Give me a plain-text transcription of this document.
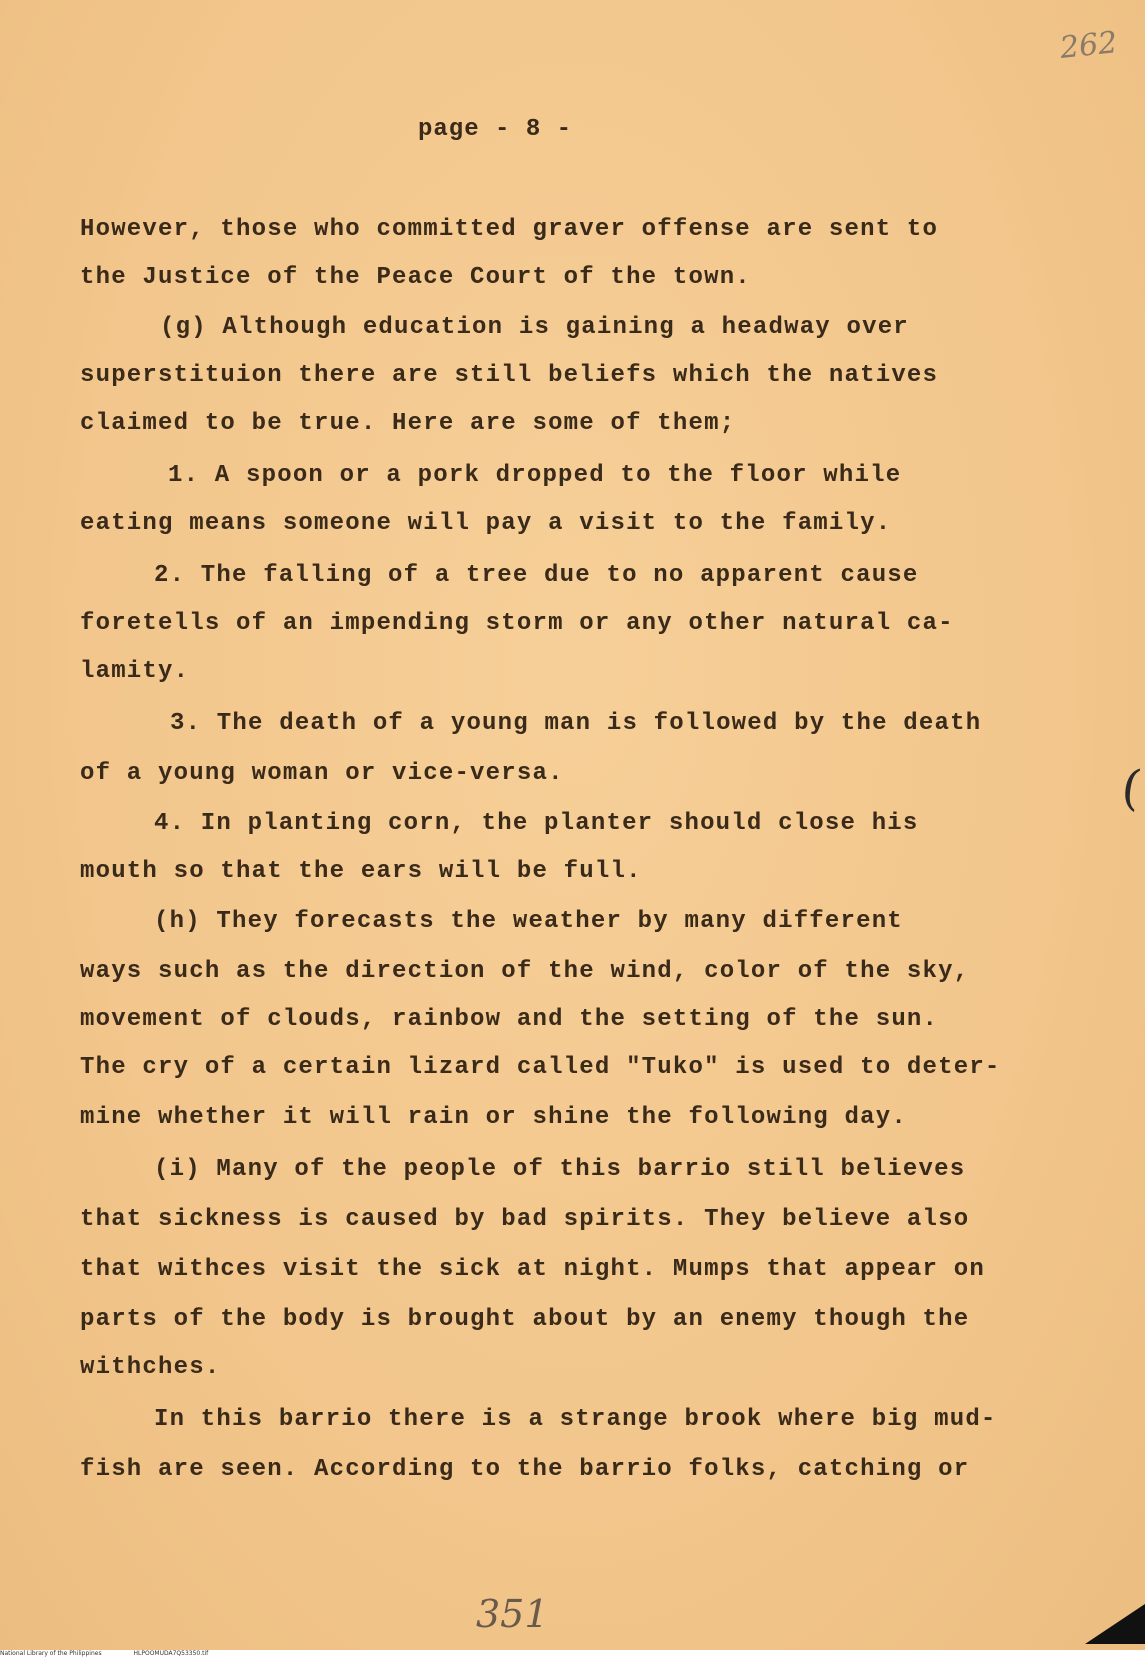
262
page - 8 -
However, those who committed graver offense are sent to
the Justice of the Peace Court of the town.
(g) Although education is gaining a headway over
superstituion there are still beliefs which the natives
claimed to be true. Here are some of them;
1. A spoon or a pork dropped to the floor while
eating means someone will pay a visit to the family.
2. The falling of a tree due to no apparent cause
foretells of an impending storm or any other natural ca-
lamity.
3. The death of a young man is followed by the death
of a young woman or vice-versa.
4. In planting corn, the planter should close his
mouth so that the ears will be full.
(h) They forecasts the weather by many different
ways such as the direction of the wind, color of the sky,
movement of clouds, rainbow and the setting of the sun.
The cry of a certain lizard called "Tuko" is used to deter-
mine whether it will rain or shine the following day.
(i) Many of the people of this barrio still believes
that sickness is caused by bad spirits. They believe also
that withces visit the sick at night. Mumps that appear on
parts of the body is brought about by an enemy though the
withches.
In this barrio there is a strange brook where big mud-
fish are seen. According to the barrio folks, catching or
(
351
National Library of the Philippines	HLPOOMUDA7Q53350.tif
